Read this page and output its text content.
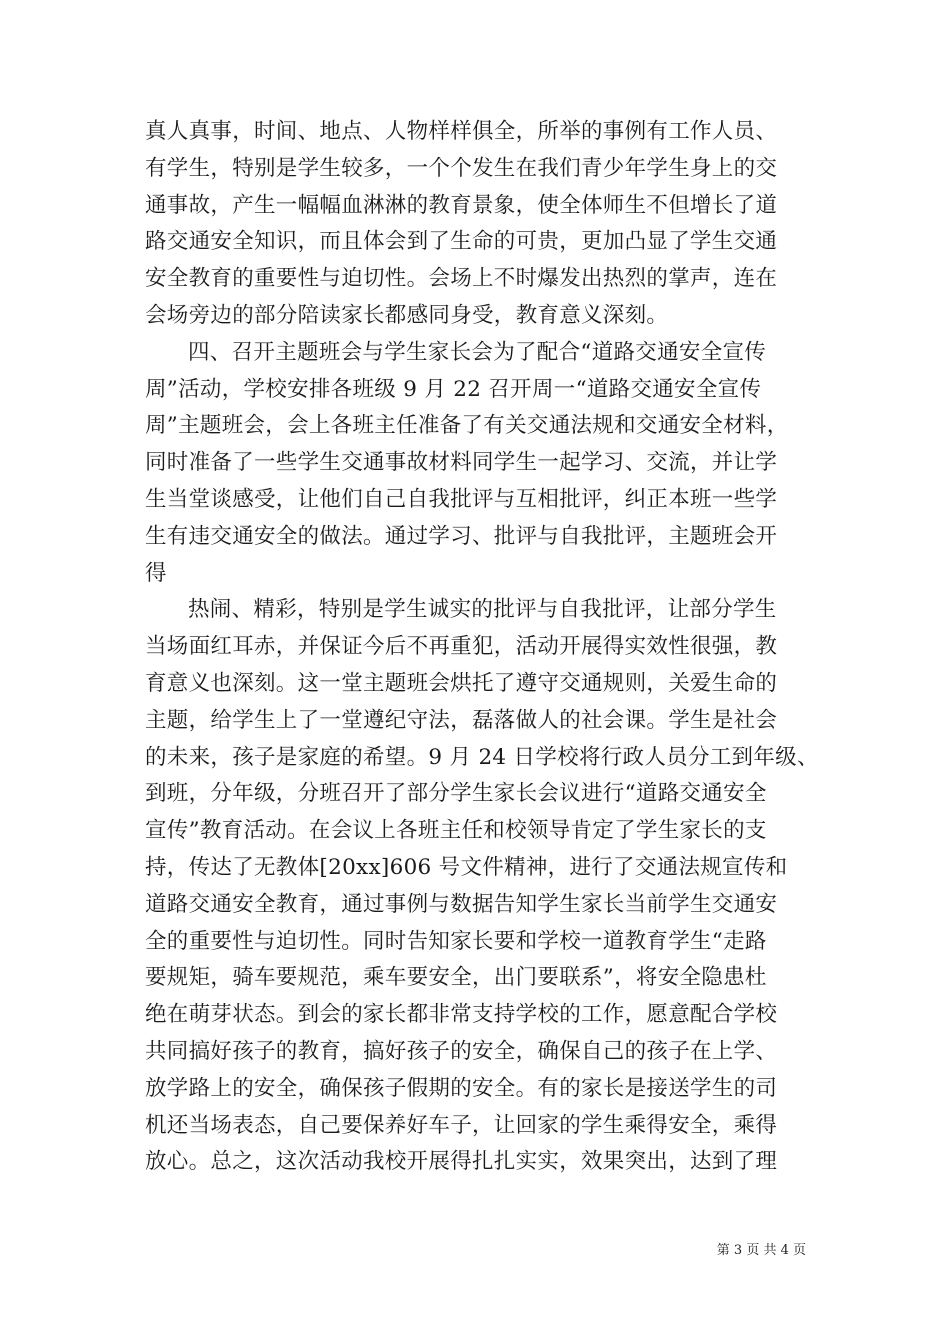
真人真事，时间、地点、人物样样俱全，所举的事例有工作人员、
有学生，特别是学生较多，一个个发生在我们青少年学生身上的交
通事故，产生一幅幅血淋淋的教育景象，使全体师生不但增长了道
路交通安全知识，而且体会到了生命的可贵，更加凸显了学生交通
安全教育的重要性与迫切性。会场上不时爆发出热烈的掌声，连在
会场旁边的部分陪读家长都感同身受，教育意义深刻。
四、召开主题班会与学生家长会为了配合“道路交通安全宣传
周”活动，学校安排各班级 9 月 22 召开周一“道路交通安全宣传
周”主题班会，会上各班主任准备了有关交通法规和交通安全材料，
同时准备了一些学生交通事故材料同学生一起学习、交流，并让学
生当堂谈感受，让他们自己自我批评与互相批评，纠正本班一些学
生有违交通安全的做法。通过学习、批评与自我批评，主题班会开
得
热闹、精彩，特别是学生诚实的批评与自我批评，让部分学生
当场面红耳赤，并保证今后不再重犯，活动开展得实效性很强，教
育意义也深刻。这一堂主题班会烘托了遵守交通规则，关爱生命的
主题，给学生上了一堂遵纪守法，磊落做人的社会课。学生是社会
的未来，孩子是家庭的希望。9 月 24 日学校将行政人员分工到年级、
到班，分年级，分班召开了部分学生家长会议进行“道路交通安全
宣传”教育活动。在会议上各班主任和校领导肯定了学生家长的支
持，传达了无教体[20xx]606 号文件精神，进行了交通法规宣传和
道路交通安全教育，通过事例与数据告知学生家长当前学生交通安
全的重要性与迫切性。同时告知家长要和学校一道教育学生“走路
要规矩，骑车要规范，乘车要安全，出门要联系”，将安全隐患杜
绝在萌芽状态。到会的家长都非常支持学校的工作，愿意配合学校
共同搞好孩子的教育，搞好孩子的安全，确保自己的孩子在上学、
放学路上的安全，确保孩子假期的安全。有的家长是接送学生的司
机还当场表态，自己要保养好车子，让回家的学生乘得安全，乘得
放心。总之，这次活动我校开展得扎扎实实，效果突出，达到了理
第 3 页 共 4 页
